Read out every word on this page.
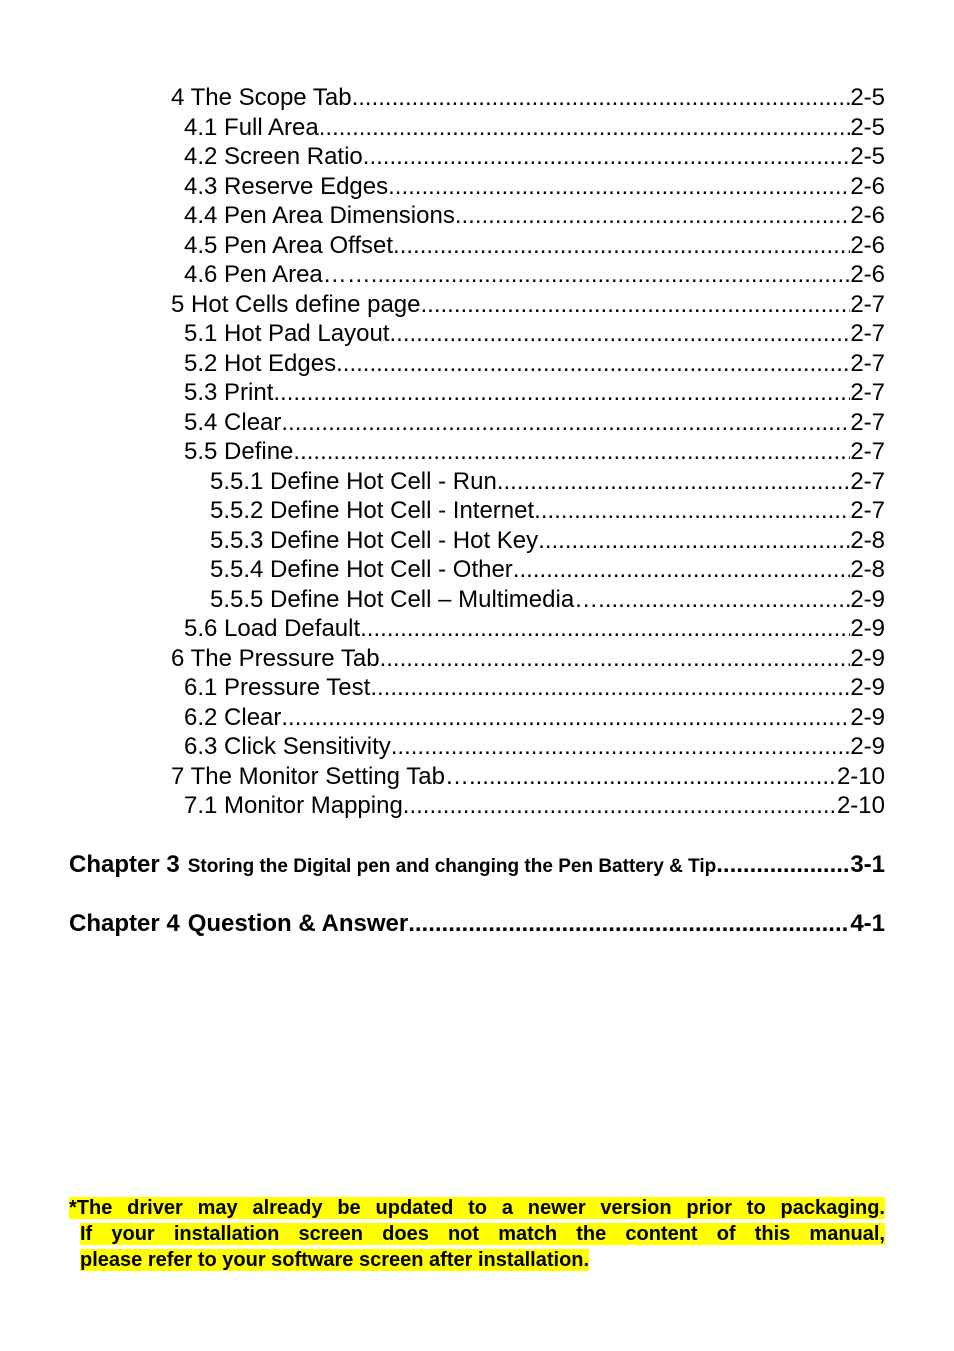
4 The Scope Tab .....	2-5
4.1 Full Area .....	2-5
4.2 Screen Ratio .....	2-5
4.3 Reserve Edges .....	2-6
4.4 Pen Area Dimensions .....	2-6
4.5 Pen Area Offset .....	2-6
4.6 Pen Area…… .....	2-6
5 Hot Cells define page .....	2-7
5.1 Hot Pad Layout .....	2-7
5.2 Hot Edges .....	2-7
5.3 Print .....	2-7
5.4 Clear .....	2-7
5.5 Define .....	2-7
5.5.1 Define Hot Cell - Run .....	2-7
5.5.2 Define Hot Cell - Internet .....	2-7
5.5.3 Define Hot Cell - Hot Key .....	2-8
5.5.4 Define Hot Cell - Other .....	2-8
5.5.5 Define Hot Cell – Multimedia… .....	2-9
5.6 Load Default .....	2-9
6 The Pressure Tab .....	2-9
6.1 Pressure Test .....	2-9
6.2 Clear .....	2-9
6.3 Click Sensitivity .....	2-9
7 The Monitor Setting Tab… .....	2-10
7.1 Monitor Mapping .....	2-10
Chapter 3 Storing the Digital pen and changing the Pen Battery & Tip .....	3-1
Chapter 4 Question & Answer .....	4-1
*The driver may already be updated to a newer version prior to packaging.
If your installation screen does not match the content of this manual,
please refer to your software screen after installation.
